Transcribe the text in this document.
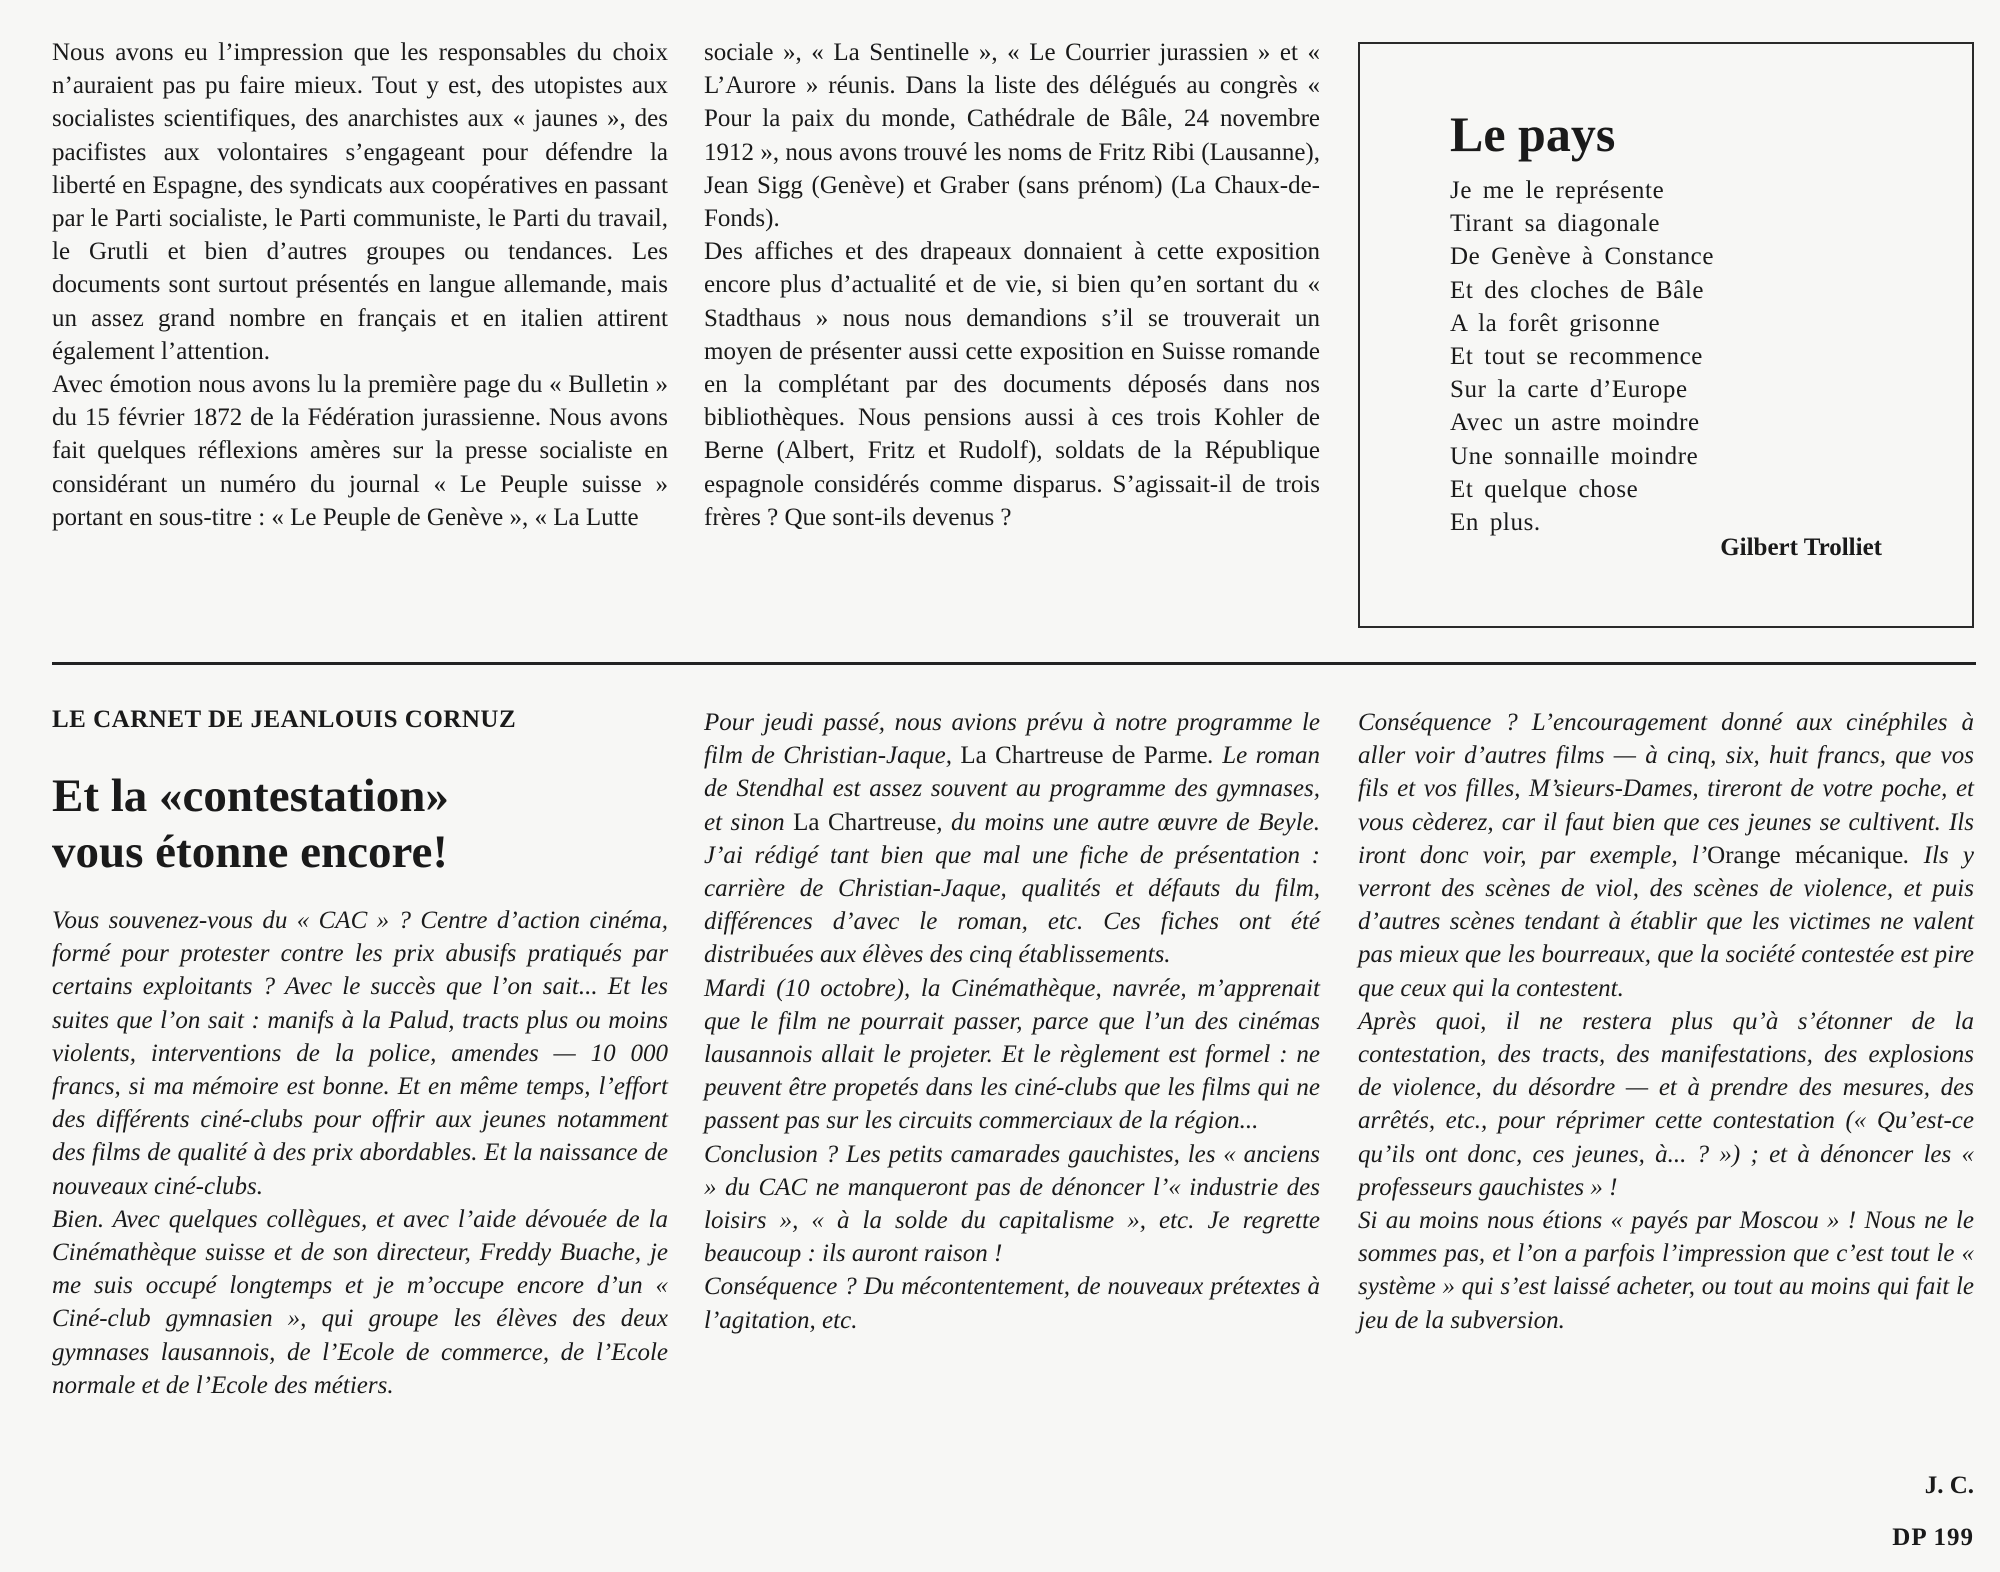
Nous avons eu l’impression que les responsables du choix n’auraient pas pu faire mieux. Tout y est, des utopistes aux socialistes scientifiques, des anarchistes aux « jaunes », des pacifistes aux volontaires s’engageant pour défendre la liberté en Espagne, des syndicats aux coopératives en passant par le Parti socialiste, le Parti communiste, le Parti du travail, le Grutli et bien d’autres groupes ou tendances. Les documents sont surtout présentés en langue allemande, mais un assez grand nombre en français et en italien attirent également l’attention.

Avec émotion nous avons lu la première page du « Bulletin » du 15 février 1872 de la Fédération jurassienne. Nous avons fait quelques réflexions amères sur la presse socialiste en considérant un numéro du journal « Le Peuple suisse » portant en sous-titre : « Le Peuple de Genève », « La Lutte

sociale », « La Sentinelle », « Le Courrier jurassien » et « L’Aurore » réunis. Dans la liste des délégués au congrès « Pour la paix du monde, Cathédrale de Bâle, 24 novembre 1912 », nous avons trouvé les noms de Fritz Ribi (Lausanne), Jean Sigg (Genève) et Graber (sans prénom) (La Chaux-de-Fonds).

Des affiches et des drapeaux donnaient à cette exposition encore plus d’actualité et de vie, si bien qu’en sortant du « Stadthaus » nous nous demandions s’il se trouverait un moyen de présenter aussi cette exposition en Suisse romande en la complétant par des documents déposés dans nos bibliothèques. Nous pensions aussi à ces trois Kohler de Berne (Albert, Fritz et Rudolf), soldats de la République espagnole considérés comme disparus. S’agissait-il de trois frères ? Que sont-ils devenus ?

Le pays
Je me le représente
Tirant sa diagonale
De Genève à Constance
Et des cloches de Bâle
A la forêt grisonne
Et tout se recommence
Sur la carte d’Europe
Avec un astre moindre
Une sonnaille moindre
Et quelque chose
En plus.
Gilbert Trolliet
LE CARNET DE JEANLOUIS CORNUZ
Et la «contestation»
vous étonne encore!

Vous souvenez-vous du « CAC » ? Centre d’action cinéma, formé pour protester contre les prix abusifs pratiqués par certains exploitants ? Avec le succès que l’on sait... Et les suites que l’on sait : manifs à la Palud, tracts plus ou moins violents, interventions de la police, amendes — 10 000 francs, si ma mémoire est bonne. Et en même temps, l’effort des différents ciné-clubs pour offrir aux jeunes notamment des films de qualité à des prix abordables. Et la naissance de nouveaux ciné-clubs.

Bien. Avec quelques collègues, et avec l’aide dévouée de la Cinémathèque suisse et de son directeur, Freddy Buache, je me suis occupé longtemps et je m’occupe encore d’un « Ciné-club gymnasien », qui groupe les élèves des deux gymnases lausannois, de l’Ecole de commerce, de l’Ecole normale et de l’Ecole des métiers.

Pour jeudi passé, nous avions prévu à notre programme le film de Christian-Jaque, La Chartreuse de Parme. Le roman de Stendhal est assez souvent au programme des gymnases, et sinon La Chartreuse, du moins une autre œuvre de Beyle. J’ai rédigé tant bien que mal une fiche de présentation : carrière de Christian-Jaque, qualités et défauts du film, différences d’avec le roman, etc. Ces fiches ont été distribuées aux élèves des cinq établissements.

Mardi (10 octobre), la Cinémathèque, navrée, m’apprenait que le film ne pourrait passer, parce que l’un des cinémas lausannois allait le projeter. Et le règlement est formel : ne peuvent être propetés dans les ciné-clubs que les films qui ne passent pas sur les circuits commerciaux de la région...

Conclusion ? Les petits camarades gauchistes, les « anciens » du CAC ne manqueront pas de dénoncer l’« industrie des loisirs », « à la solde du capitalisme », etc. Je regrette beaucoup : ils auront raison !

Conséquence ? Du mécontentement, de nouveaux prétextes à l’agitation, etc.

Conséquence ? L’encouragement donné aux cinéphiles à aller voir d’autres films — à cinq, six, huit francs, que vos fils et vos filles, M’sieurs-Dames, tireront de votre poche, et vous cèderez, car il faut bien que ces jeunes se cultivent. Ils iront donc voir, par exemple, l’Orange mécanique. Ils y verront des scènes de viol, des scènes de violence, et puis d’autres scènes tendant à établir que les victimes ne valent pas mieux que les bourreaux, que la société contestée est pire que ceux qui la contestent.

Après quoi, il ne restera plus qu’à s’étonner de la contestation, des tracts, des manifestations, des explosions de violence, du désordre — et à prendre des mesures, des arrêtés, etc., pour réprimer cette contestation (« Qu’est-ce qu’ils ont donc, ces jeunes, à... ? ») ; et à dénoncer les « professeurs gauchistes » !

Si au moins nous étions « payés par Moscou » ! Nous ne le sommes pas, et l’on a parfois l’impression que c’est tout le « système » qui s’est laissé acheter, ou tout au moins qui fait le jeu de la subversion.

J. C.
DP 199
